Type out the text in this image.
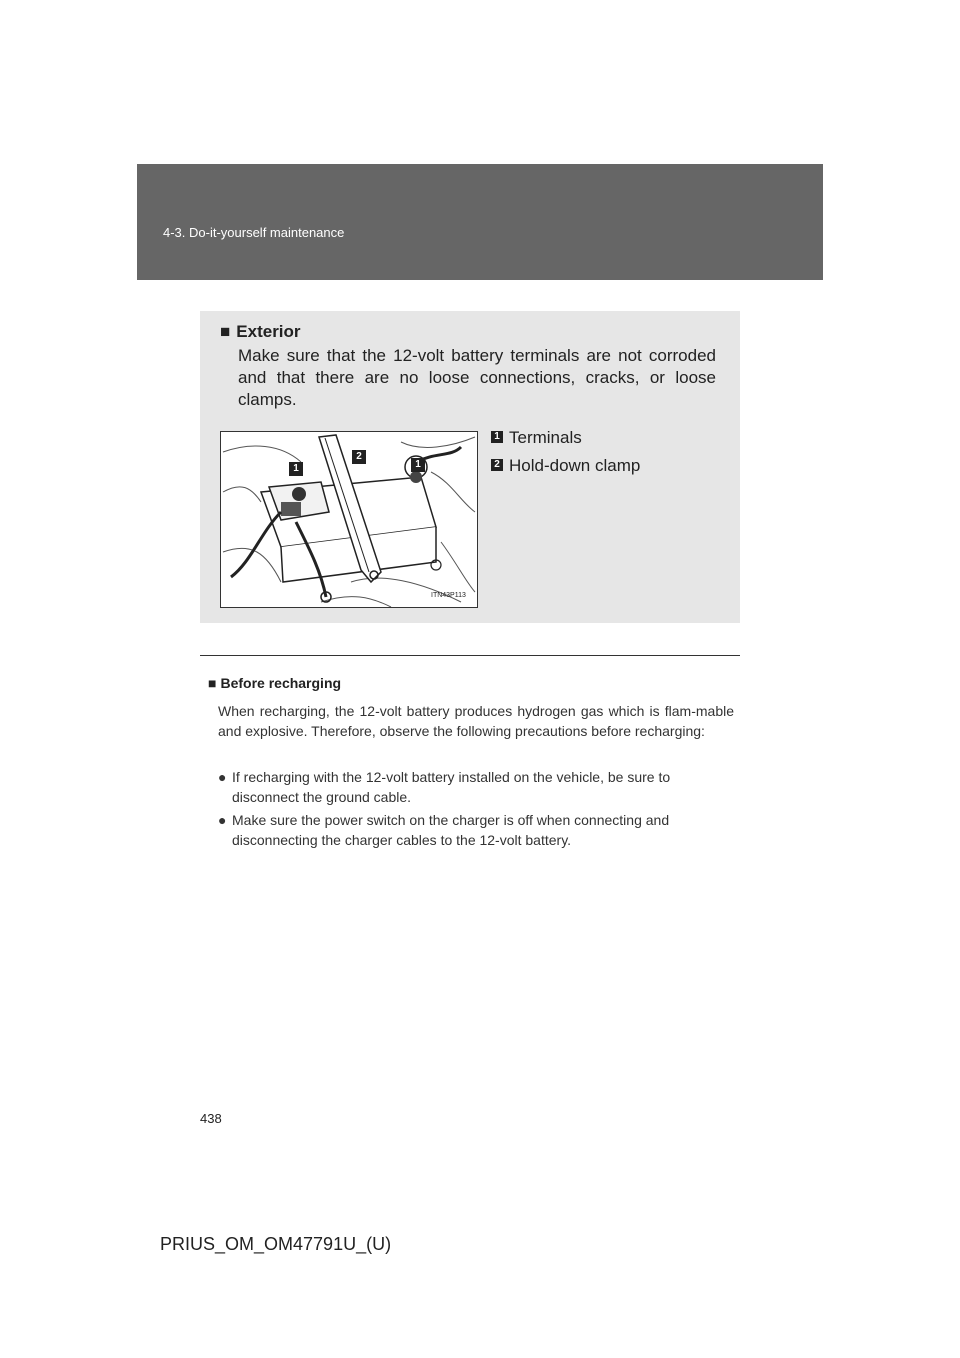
4-3. Do-it-yourself maintenance
■ Exterior
Make sure that the 12-volt battery terminals are not corroded and that there are no loose connections, cracks, or loose clamps.
1
2
1
ITN43P113
1 Terminals
2 Hold-down clamp
■ Before recharging
When recharging, the 12-volt battery produces hydrogen gas which is flam-mable and explosive. Therefore, observe the following precautions before recharging:
● If recharging with the 12-volt battery installed on the vehicle, be sure to disconnect the ground cable.
● Make sure the power switch on the charger is off when connecting and disconnecting the charger cables to the 12-volt battery.
438
PRIUS_OM_OM47791U_(U)
